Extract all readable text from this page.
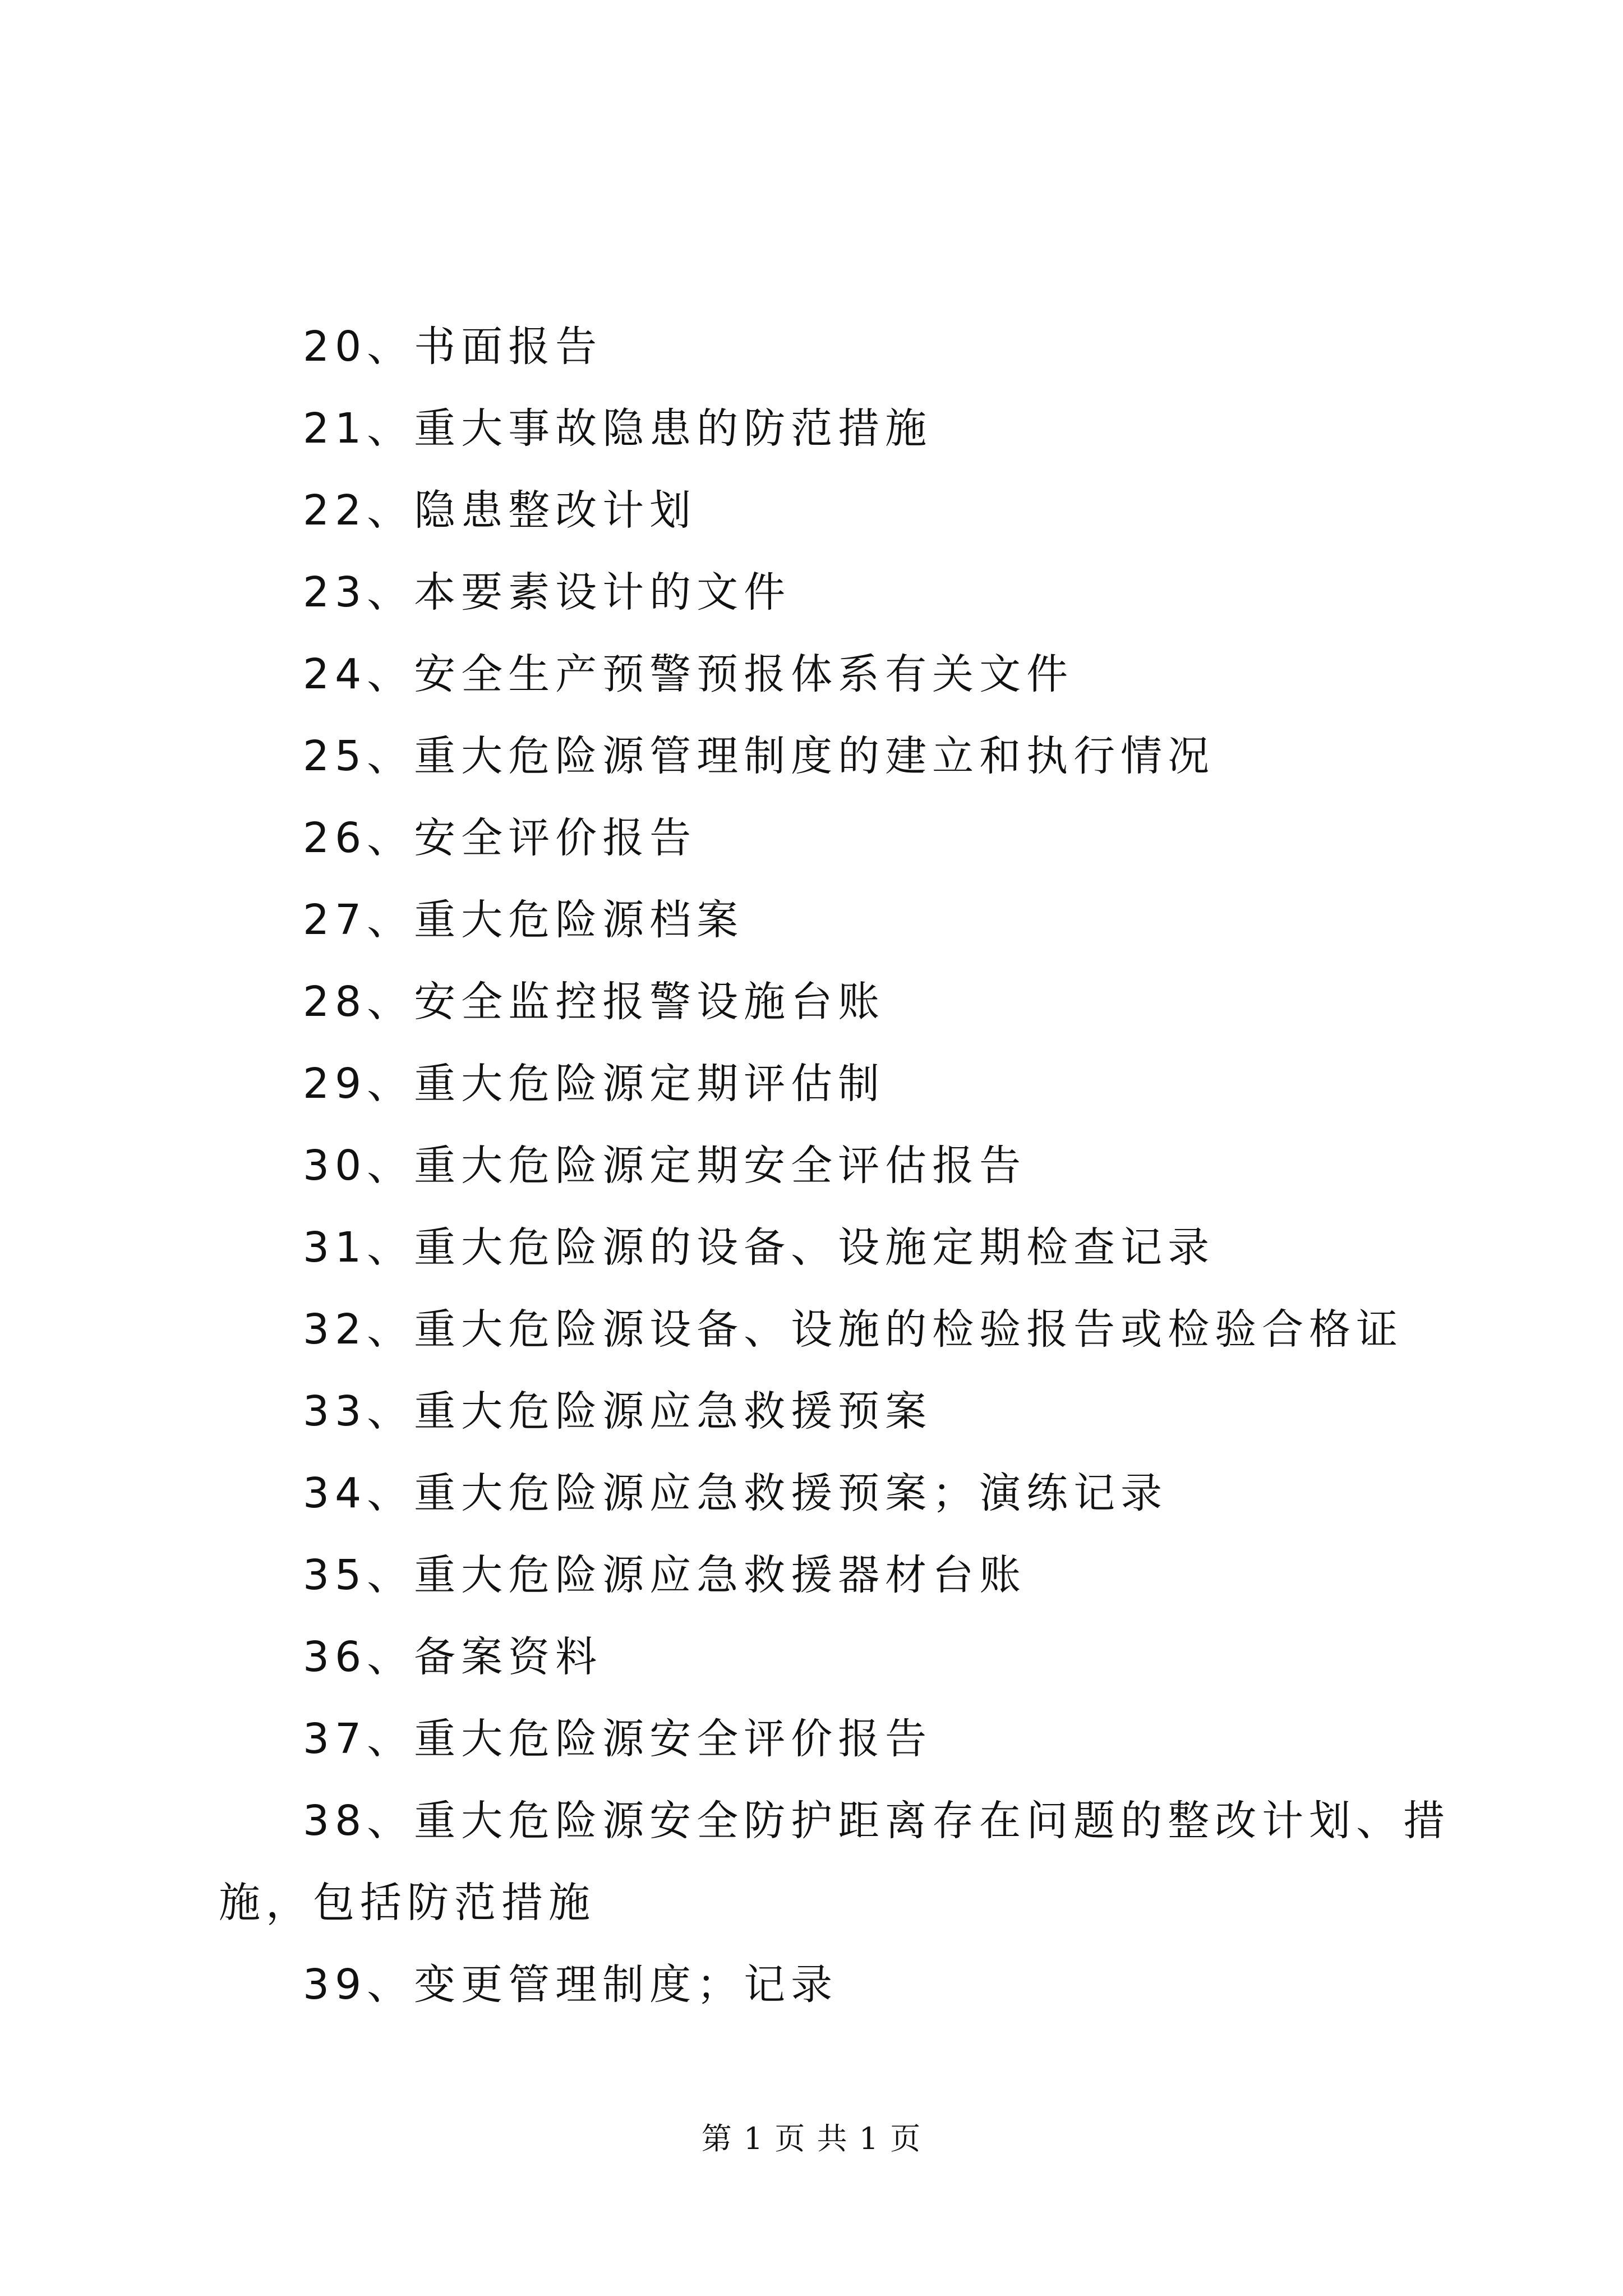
20、书面报告
21、重大事故隐患的防范措施
22、隐患整改计划
23、本要素设计的文件
24、安全生产预警预报体系有关文件
25、重大危险源管理制度的建立和执行情况
26、安全评价报告
27、重大危险源档案
28、安全监控报警设施台账
29、重大危险源定期评估制
30、重大危险源定期安全评估报告
31、重大危险源的设备、设施定期检查记录
32、重大危险源设备、设施的检验报告或检验合格证
33、重大危险源应急救援预案
34、重大危险源应急救援预案；演练记录
35、重大危险源应急救援器材台账
36、备案资料
37、重大危险源安全评价报告
38、重大危险源安全防护距离存在问题的整改计划、措施，包括防范措施
39、变更管理制度；记录
第 1 页 共 1 页
